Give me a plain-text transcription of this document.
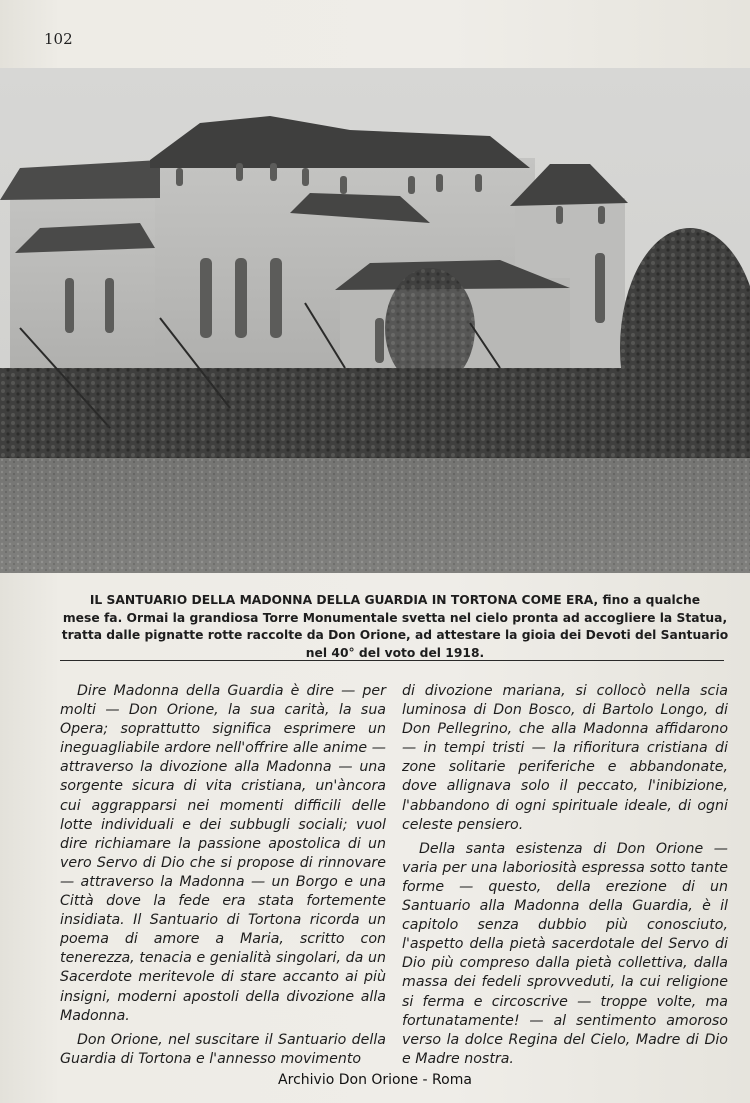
102
IL SANTUARIO DELLA MADONNA DELLA GUARDIA IN TORTONA COME ERA, fino a qualche
mese fa. Ormai la grandiosa Torre Monumentale svetta nel cielo pronta ad accogliere la Statua,
tratta dalle pignatte rotte raccolte da Don Orione, ad attestare la gioia dei Devoti del Santuario
nel 40° del voto del 1918.

Dire Madonna della Guardia è dire — per molti — Don Orione, la sua carità, la sua Opera; soprattutto significa esprimere un ineguagliabile ardore nell'offrire alle anime — attraverso la divozione alla Madonna — una sorgente sicura di vita cristiana, un'àncora cui aggrapparsi nei momenti difficili delle lotte individuali e dei subbugli sociali; vuol dire richiamare la passione apostolica di un vero Servo di Dio che si propose di rinnovare — attraverso la Madonna — un Borgo e una Città dove la fede era stata fortemente insidiata. Il Santuario di Tortona ricorda un poema di amore a Maria, scritto con tenerezza, tenacia e genialità singolari, da un Sacerdote meritevole di stare accanto ai più insigni, moderni apostoli della divozione alla Madonna.

Don Orione, nel suscitare il Santuario della Guardia di Tortona e l'annesso movimento

di divozione mariana, si collocò nella scia luminosa di Don Bosco, di Bartolo Longo, di Don Pellegrino, che alla Madonna affidarono — in tempi tristi — la rifioritura cristiana di zone solitarie periferiche e abbandonate, dove allignava solo il peccato, l'inibizione, l'abbandono di ogni spirituale ideale, di ogni celeste pensiero.

Della santa esistenza di Don Orione — varia per una laboriosità espressa sotto tante forme — questo, della erezione di un Santuario alla Madonna della Guardia, è il capitolo senza dubbio più conosciuto, l'aspetto della pietà sacerdotale del Servo di Dio più compreso dalla pietà collettiva, dalla massa dei fedeli sprovveduti, la cui religione si ferma e circoscrive — troppe volte, ma fortunatamente! — al sentimento amoroso verso la dolce Regina del Cielo, Madre di Dio e Madre nostra.

Archivio Don Orione - Roma
